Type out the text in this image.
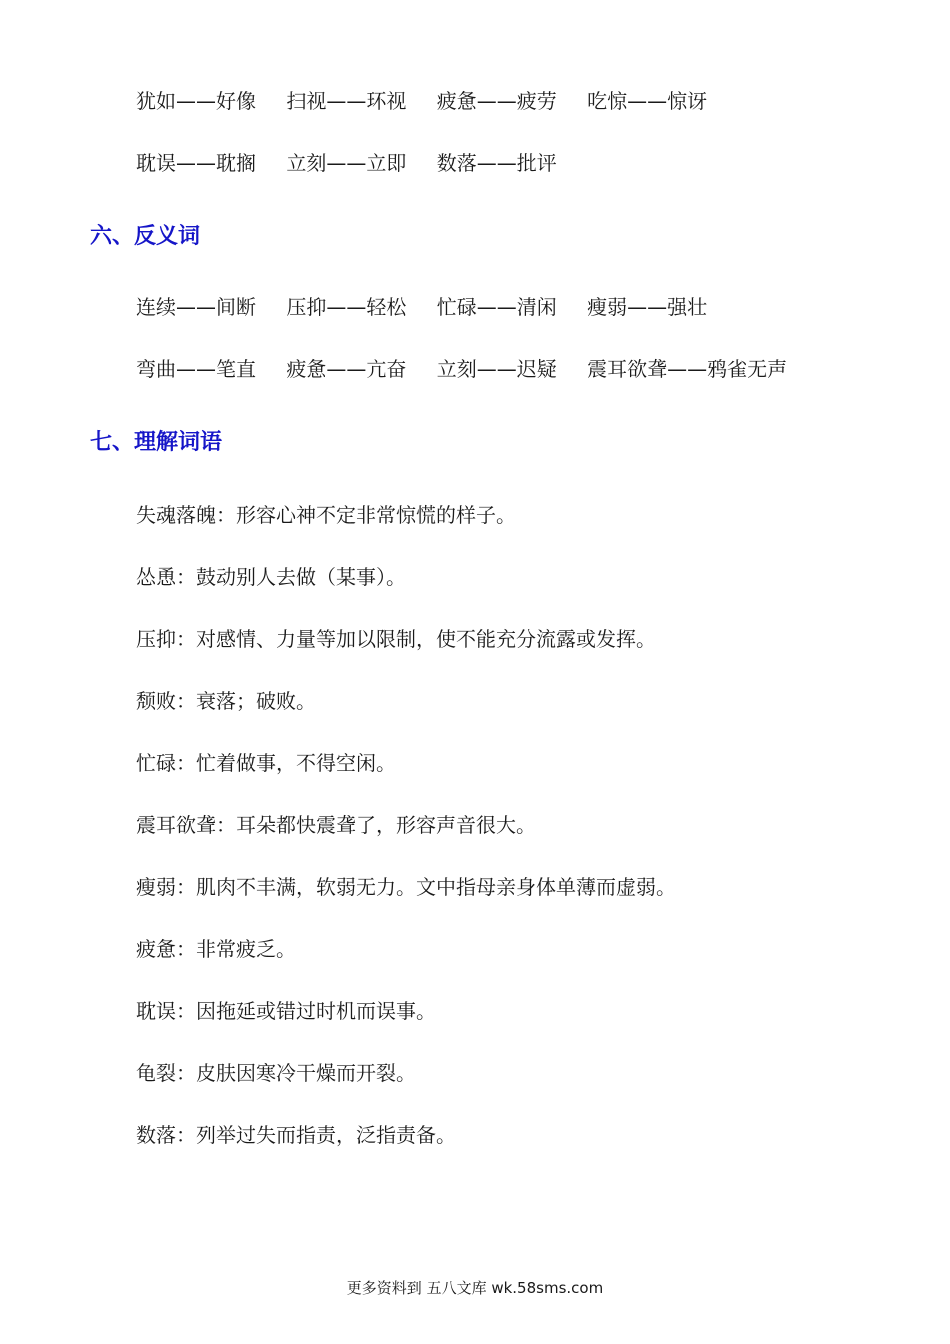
犹如——好像 扫视——环视 疲惫——疲劳 吃惊——惊讶
耽误——耽搁 立刻——立即 数落——批评
六、反义词
连续——间断 压抑——轻松 忙碌——清闲 瘦弱——强壮
弯曲——笔直 疲惫——亢奋 立刻——迟疑 震耳欲聋——鸦雀无声
七、理解词语
失魂落魄：形容心神不定非常惊慌的样子。
怂恿：鼓动别人去做（某事）。
压抑：对感情、力量等加以限制，使不能充分流露或发挥。
颓败：衰落；破败。
忙碌：忙着做事，不得空闲。
震耳欲聋：耳朵都快震聋了，形容声音很大。
瘦弱：肌肉不丰满，软弱无力。文中指母亲身体单薄而虚弱。
疲惫：非常疲乏。
耽误：因拖延或错过时机而误事。
龟裂：皮肤因寒冷干燥而开裂。
数落：列举过失而指责，泛指责备。
更多资料到 五八文库 wk.58sms.com
